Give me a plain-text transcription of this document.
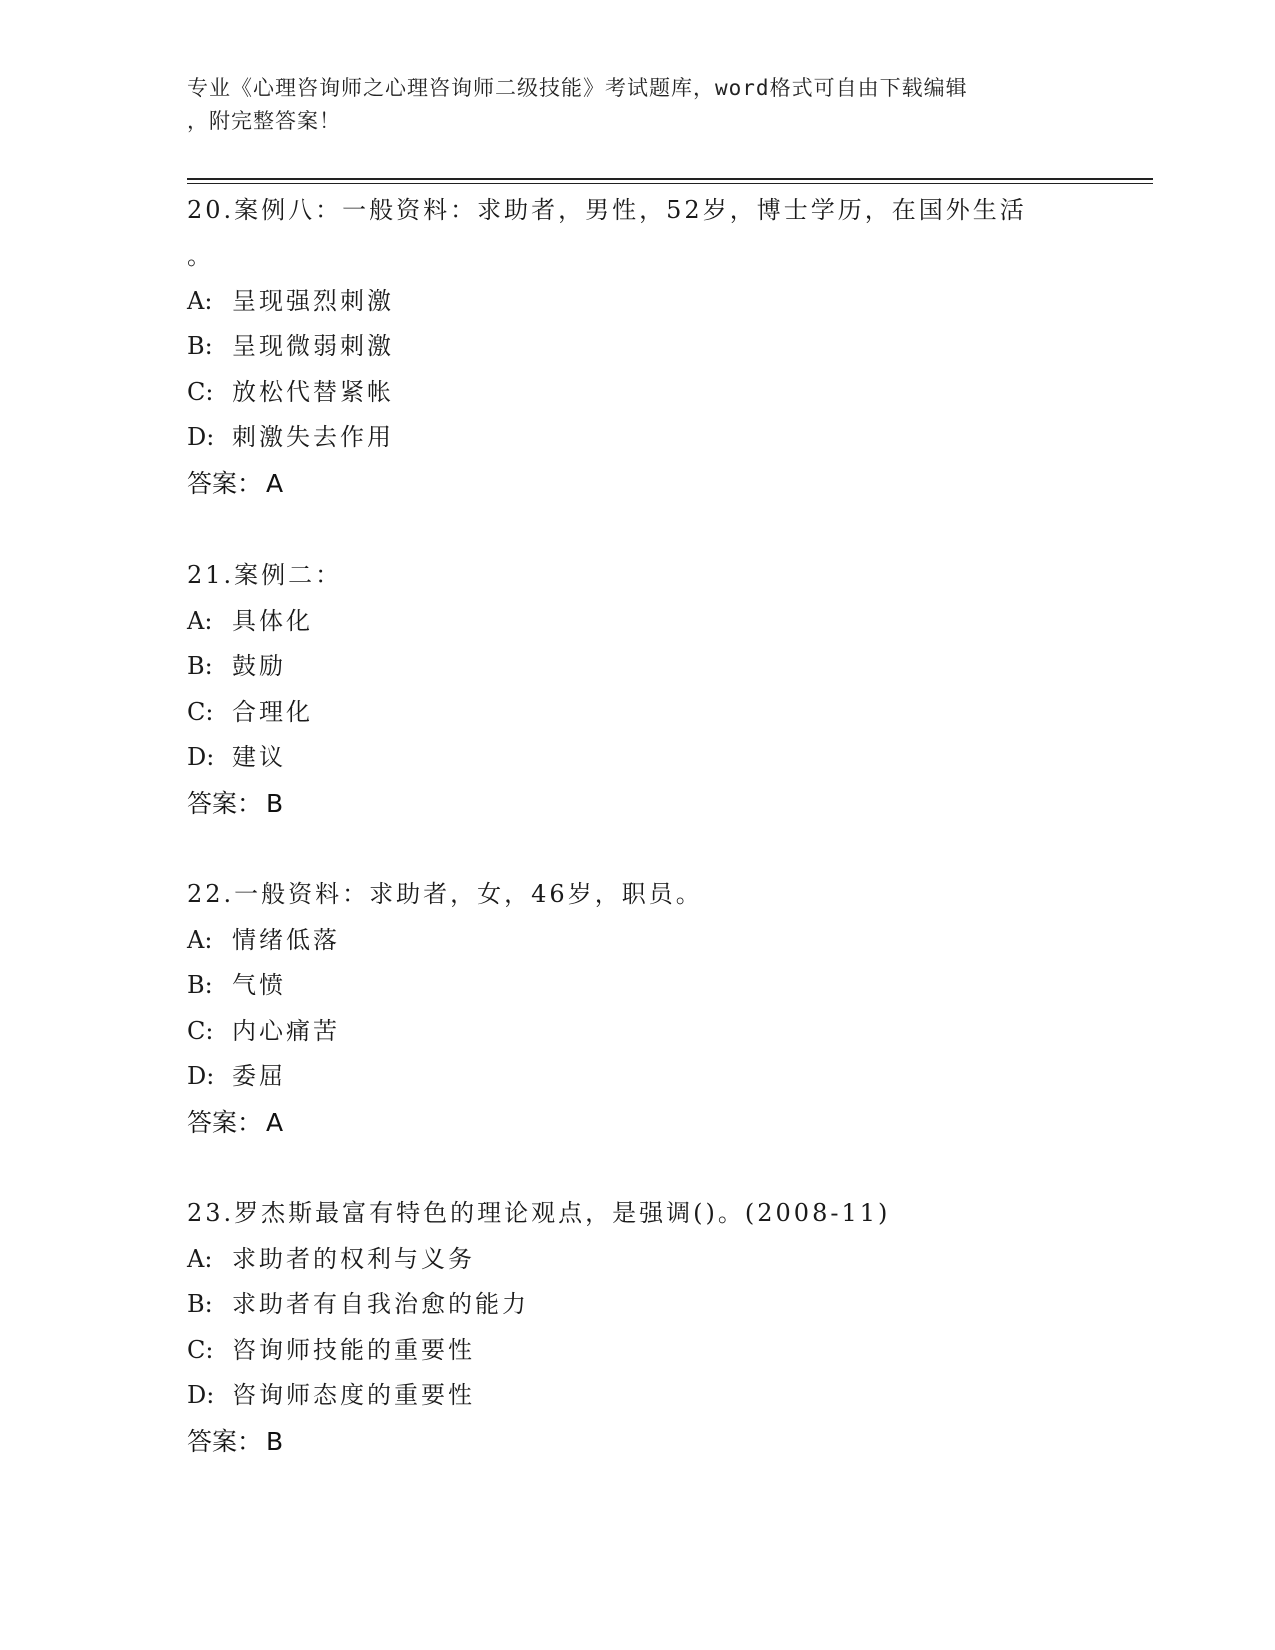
专业《心理咨询师之心理咨询师二级技能》考试题库，word格式可自由下载编辑
，附完整答案！
20.案例八：一般资料：求助者，男性，52岁，博士学历，在国外生活
。
A: 呈现强烈刺激
B: 呈现微弱刺激
C: 放松代替紧帐
D: 刺激失去作用
答案： A
21.案例二：
A: 具体化
B: 鼓励
C: 合理化
D: 建议
答案： B
22.一般资料：求助者，女，46岁，职员。
A: 情绪低落
B: 气愤
C: 内心痛苦
D: 委屈
答案： A
23.罗杰斯最富有特色的理论观点，是强调()。(2008-11)
A: 求助者的权利与义务
B: 求助者有自我治愈的能力
C: 咨询师技能的重要性
D: 咨询师态度的重要性
答案： B
